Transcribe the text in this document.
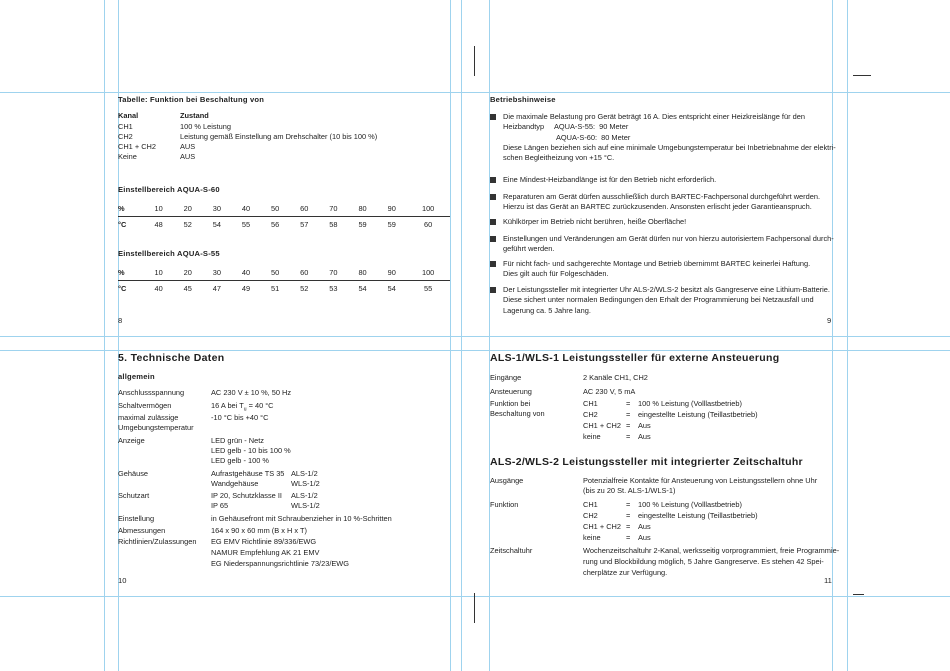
Tabelle: Funktion bei Beschaltung von
Kanal	Zustand
CH1	100 % Leistung
CH2	Leistung gemäß Einstellung am Drehschalter (10 bis 100 %)
CH1 + CH2	AUS
Keine	AUS
Einstellbereich AQUA-S-60
%	10	20	30	40	50	60	70	80	90	100
°C	48	52	54	55	56	57	58	59	59	60
Einstellbereich AQUA-S-55
%	10	20	30	40	50	60	70	80	90	100
°C	40	45	47	49	51	52	53	54	54	55
8
Betriebshinweise
Die maximale Belastung pro Gerät beträgt 16 A. Dies entspricht einer Heizkreislänge für den
Heizbandtyp     AQUA-S-55:  90 Meter
AQUA-S-60:  80 Meter
Diese Längen beziehen sich auf eine minimale Umgebungstemperatur bei Inbetriebnahme der elektri-
schen Begleitheizung von +15 °C.
Eine Mindest-Heizbandlänge ist für den Betrieb nicht erforderlich.
Reparaturen am Gerät dürfen ausschließlich durch BARTEC-Fachpersonal durchgeführt werden.
Hierzu ist das Gerät an BARTEC zurückzusenden. Ansonsten erlischt jeder Garantieanspruch.
Kühlkörper im Betrieb nicht berühren, heiße Oberfläche!
Einstellungen und Veränderungen am Gerät dürfen nur von hierzu autorisiertem Fachpersonal durch-
geführt werden.
Für nicht fach- und sachgerechte Montage und Betrieb übernimmt BARTEC keinerlei Haftung.
Dies gilt auch für Folgeschäden.
Der Leistungssteller mit integrierter Uhr ALS-2/WLS-2 besitzt als Gangreserve eine Lithium-Batterie.
Diese sichert unter normalen Bedingungen den Erhalt der Programmierung bei Netzausfall und
Lagerung ca. 5 Jahre lang.
9
5. Technische Daten
allgemein
Anschlussspannung	AC 230 V ± 10 %, 50 Hz
Schaltvermögen	16 A bei $T_u = 40$ °C
maximal zulässige
Umgebungstemperatur
-10 °C bis +40 °C
Anzeige	LED grün - Netz
LED gelb - 10 bis 100 %
LED gelb - 100 %
Gehäuse	Aufrastgehäuse TS 35 ALS-1/2
Wandgehäuse	WLS-1/2
Schutzart	IP 20, Schutzklasse II ALS-1/2
IP 65	WLS-1/2
Einstellung	in Gehäusefront mit Schraubenzieher in 10 %-Schritten
Abmessungen	164 x 90 x 60 mm (B x H x T)
Richtlinien/Zulassungen EG EMV Richtlinie 89/336/EWG
NAMUR Empfehlung AK 21 EMV
EG Niederspannungsrichtlinie 73/23/EWG
10
ALS-1/WLS-1 Leistungssteller für externe Ansteuerung
Eingänge	2 Kanäle CH1, CH2
Ansteuerung	AC 230 V, 5 mA
Funktion bei
Beschaltung von
CH1	= 100 % Leistung (Volllastbetrieb)
CH2	= eingestellte Leistung (Teillastbetrieb)
CH1 + CH2 = Aus
keine	= Aus
ALS-2/WLS-2 Leistungssteller mit integrierter Zeitschaltuhr
Ausgänge	Potenzialfreie Kontakte für Ansteuerung von Leistungsstellern ohne Uhr
(bis zu 20 St. ALS-1/WLS-1)
Funktion	CH1	= 100 % Leistung (Volllastbetrieb)
CH2	= eingestellte Leistung (Teillastbetrieb)
CH1 + CH2 = Aus
keine	= Aus
Zeitschaltuhr	Wochenzeitschaltuhr 2-Kanal, werksseitig vorprogrammiert, freie Programmie-
rung und Blockbildung möglich, 5 Jahre Gangreserve. Es stehen 42 Spei-
cherplätze zur Verfügung.
11
